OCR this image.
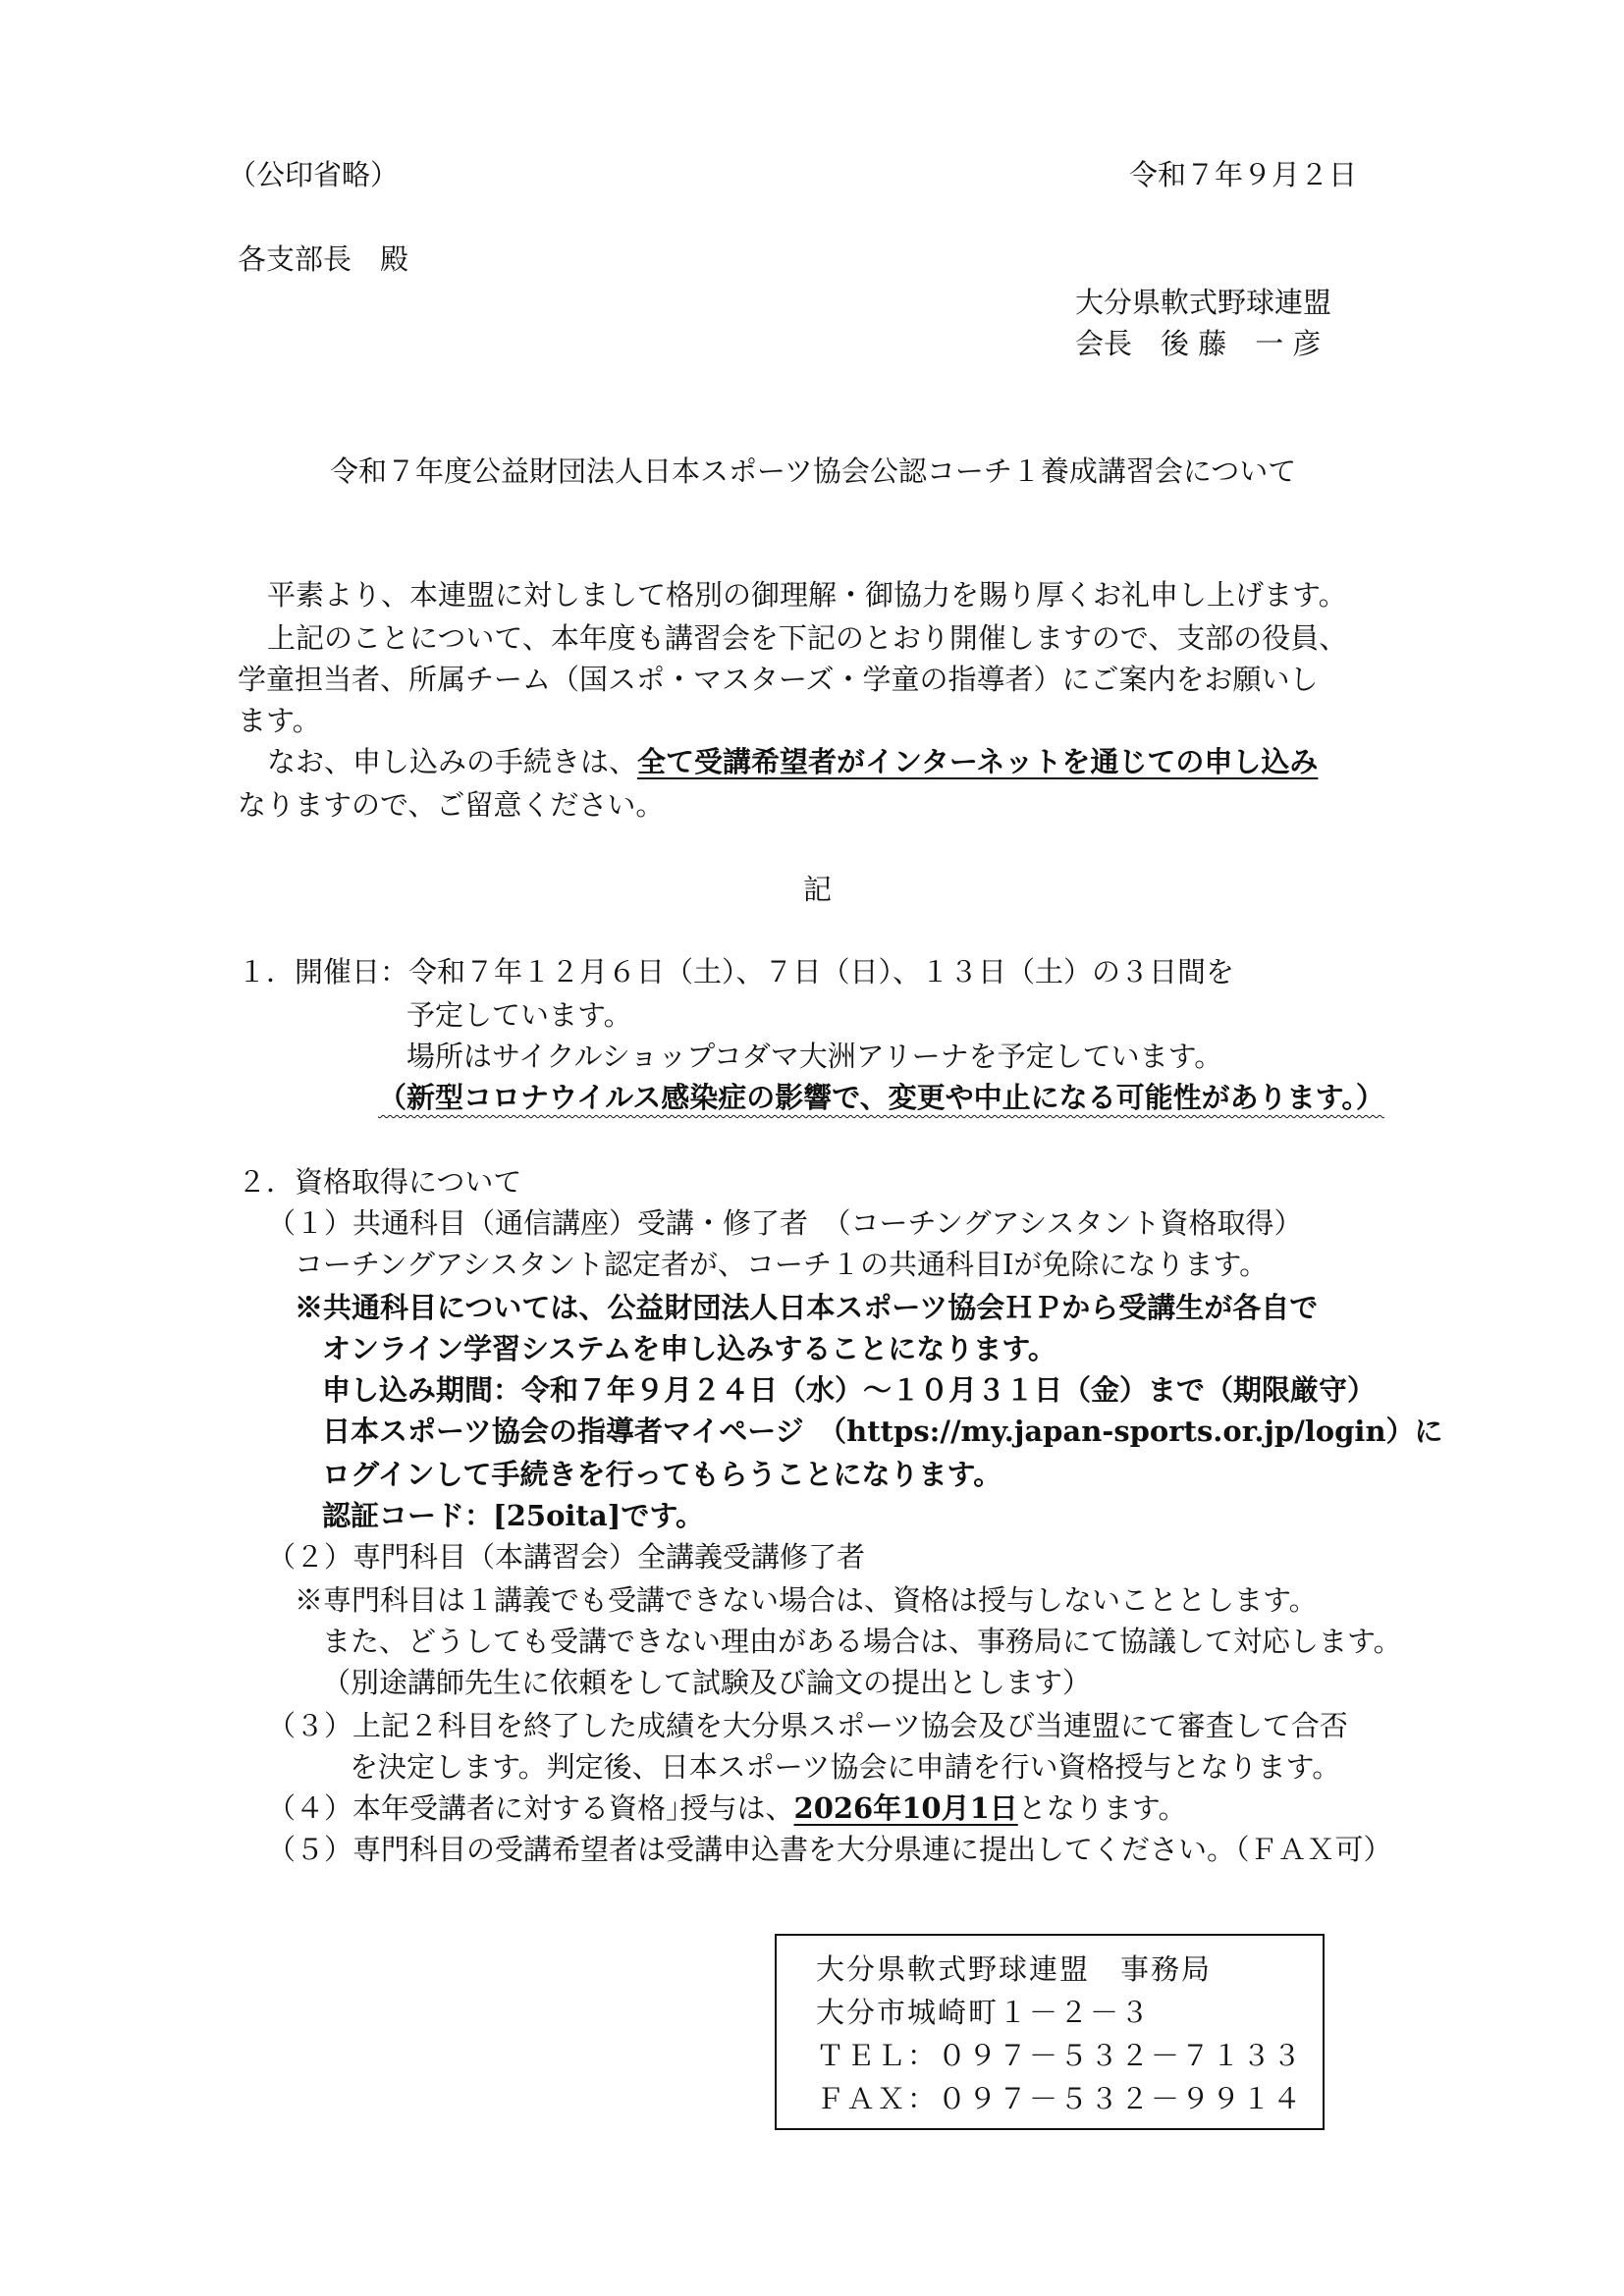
（公印省略）	令和７年９月２日
各支部長　殿
大分県軟式野球連盟
会長　後 藤　一 彦
令和７年度公益財団法人日本スポーツ協会公認コーチ１養成講習会について
平素より、本連盟に対しまして格別の御理解・御協力を賜り厚くお礼申し上げます。
上記のことについて、本年度も講習会を下記のとおり開催しますので、支部の役員、
学童担当者、所属チーム（国スポ・マスターズ・学童の指導者）にご案内をお願いし
ます。
なお、申し込みの手続きは、全て受講希望者がインターネットを通じての申し込み
なりますので、ご留意ください。
記
１．開催日：令和７年１２月６日（土）、７日（日）、１３日（土）の３日間を
予定しています。
場所はサイクルショップコダマ大洲アリーナを予定しています。
（新型コロナウイルス感染症の影響で、変更や中止になる可能性があります。）
２．資格取得について
（１）共通科目（通信講座）受講・修了者　（コーチングアシスタント資格取得）
コーチングアシスタント認定者が、コーチ１の共通科目Ⅰが免除になります。
※共通科目については、公益財団法人日本スポーツ協会ＨＰから受講生が各自で
オンライン学習システムを申し込みすることになります。
申し込み期間：令和７年９月２４日（水）～１０月３１日（金）まで（期限厳守）
日本スポーツ協会の指導者マイページ　（https://my.japan-sports.or.jp/login）に
ログインして手続きを行ってもらうことになります。
認証コード：[25oita]です。
（２）専門科目（本講習会）全講義受講修了者
※専門科目は１講義でも受講できない場合は、資格は授与しないこととします。
また、どうしても受講できない理由がある場合は、事務局にて協議して対応します。
（別途講師先生に依頼をして試験及び論文の提出とします）
（３）上記２科目を終了した成績を大分県スポーツ協会及び当連盟にて審査して合否
を決定します。判定後、日本スポーツ協会に申請を行い資格授与となります。
（４）本年受講者に対する資格｣授与は、2026年10月1日となります。
（５）専門科目の受講希望者は受講申込書を大分県連に提出してください。（ＦＡＸ可）
大分県軟式野球連盟　事務局
大分市城崎町１－２－３
ＴＥＬ：０９７－５３２－７１３３
ＦＡＸ：０９７－５３２－９９１４
